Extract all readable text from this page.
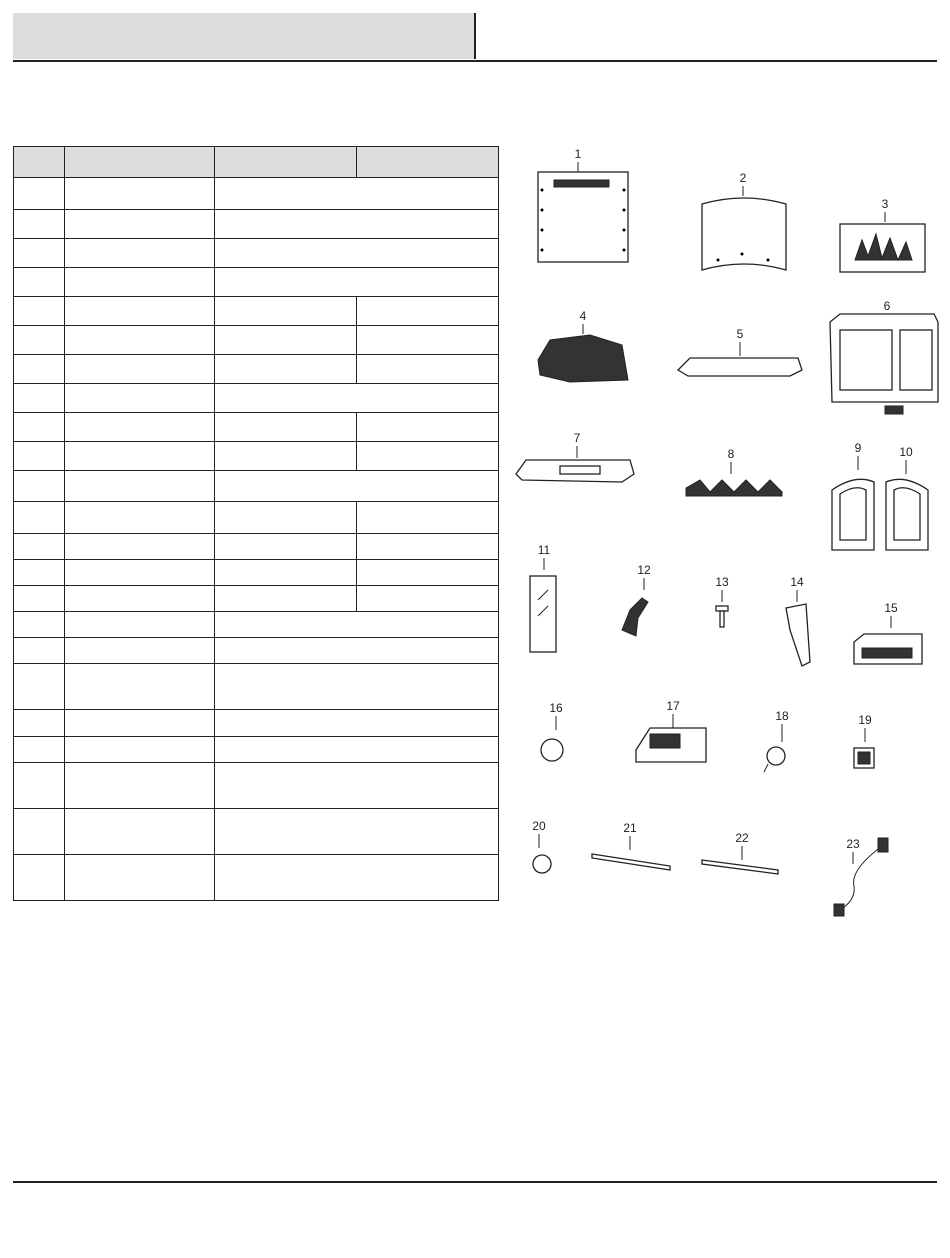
1
2
3
4
5
6
7
8	9	10
11
12
13	14
15
16	17
18	19
20	21
22	23
